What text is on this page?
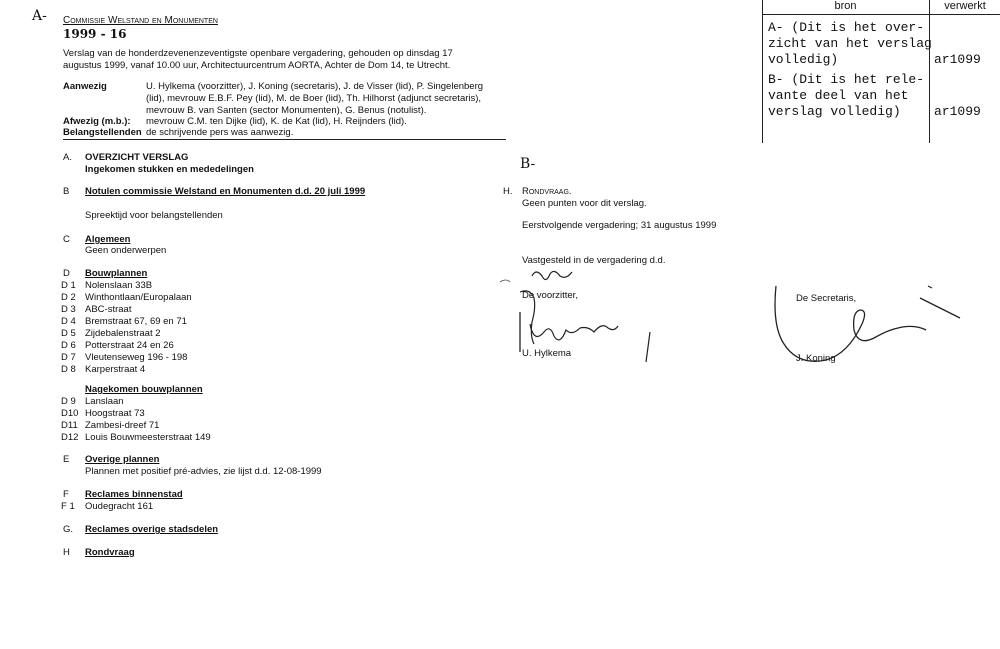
A-
B-
Commissie Welstand en Monumenten
1999 - 16
Verslag van de honderdzevenenzeventigste openbare vergadering, gehouden op dinsdag 17
augustus 1999, vanaf 10.00 uur, Architectuurcentrum AORTA, Achter de Dom 14, te Utrecht.
Aanwezig	U. Hylkema (voorzitter), J. Koning (secretaris), J. de Visser (lid), P. Singelenberg
(lid), mevrouw E.B.F. Pey (lid), M. de Boer (lid), Th. Hilhorst (adjunct secretaris),
mevrouw B. van Santen (sector Monumenten), G. Benus (notulist).
Afwezig (m.b.): mevrouw C.M. ten Dijke (lid), K. de Kat (lid), H. Reijnders (lid).
Belangstellenden de schrijvende pers was aanwezig.
A. OVERZICHT VERSLAG
Ingekomen stukken en mededelingen
B Notulen commissie Welstand en Monumenten d.d. 20 juli 1999
Spreektijd voor belangstellenden
C Algemeen
Geen onderwerpen
D Bouwplannen
D 1 Nolenslaan 33B
D 2 Winthontlaan/Europalaan
D 3 ABC-straat
D 4 Bremstraat 67, 69 en 71
D 5 Zijdebalenstraat 2
D 6 Potterstraat 24 en 26
D 7 Vleutenseweg 196 - 198
D 8 Karperstraat 4
Nagekomen bouwplannen
D 9 Lanslaan
D10 Hoogstraat 73
D11 Zambesi-dreef 71
D12 Louis Bouwmeesterstraat 149
E Overige plannen
Plannen met positief pré-advies, zie lijst d.d. 12-08-1999
F Reclames binnenstad
F 1 Oudegracht 161
G. Reclames overige stadsdelen
H Rondvraag
H. Rondvraag.
Geen punten voor dit verslag.
Eerstvolgende vergadering; 31 augustus 1999
Vastgesteld in de vergadering d.d.
De voorzitter,
U. Hylkema
De Secretaris,
J. Koning
bron	verwerkt
A- (Dit is het over-
zicht van het verslag
volledig)	ar1099
B- (Dit is het rele-
vante deel van het
verslag volledig)	ar1099
